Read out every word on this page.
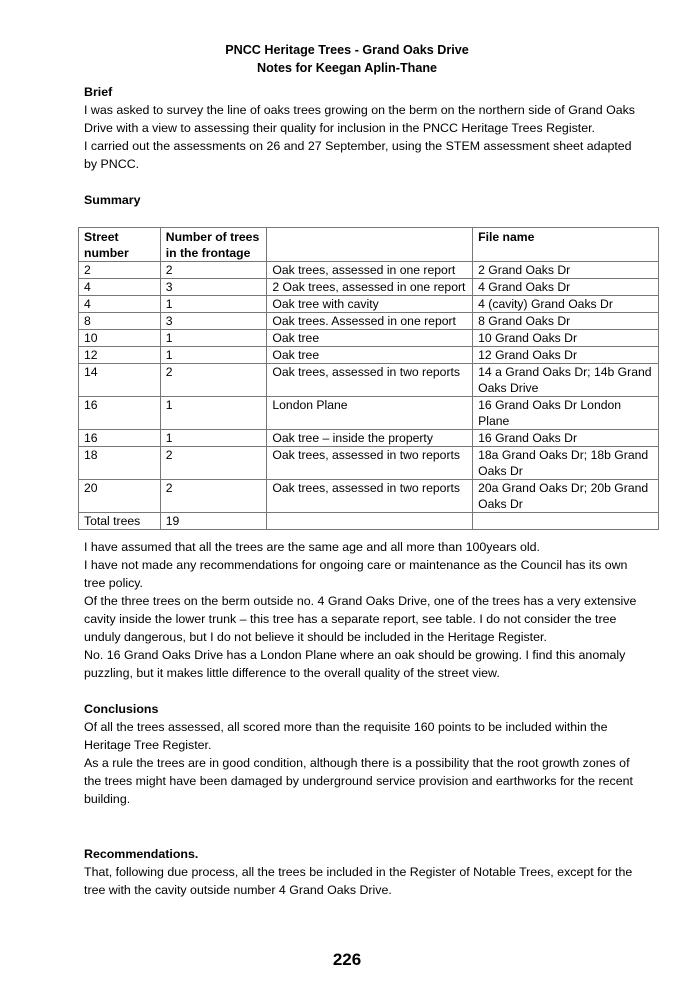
PNCC Heritage Trees - Grand Oaks Drive
Notes for Keegan Aplin-Thane
Brief
I was asked to survey the line of oaks trees growing on the berm on the northern side of Grand Oaks Drive with a view to assessing their quality for inclusion in the PNCC Heritage Trees Register.
I carried out the assessments on 26 and 27 September, using the STEM assessment sheet adapted by PNCC.
Summary
Street number	Number of trees in the frontage		File name
2	2	Oak trees, assessed in one report	2 Grand Oaks Dr
4	3	2 Oak trees, assessed in one report	4 Grand Oaks Dr
4	1	Oak tree with cavity	4 (cavity) Grand Oaks Dr
8	3	Oak trees. Assessed in one report	8 Grand Oaks Dr
10	1	Oak tree	10 Grand Oaks Dr
12	1	Oak tree	12 Grand Oaks Dr
14	2	Oak trees, assessed in two reports	14 a Grand Oaks Dr; 14b Grand Oaks Drive
16	1	London Plane	16 Grand Oaks Dr London Plane
16	1	Oak tree – inside the property	16 Grand Oaks Dr
18	2	Oak trees, assessed in two reports	18a Grand Oaks Dr; 18b Grand Oaks Dr
20	2	Oak trees, assessed in two reports	20a Grand Oaks Dr; 20b Grand Oaks Dr
Total trees	19		
I have assumed that all the trees are the same age and all more than 100years old.
I have not made any recommendations for ongoing care or maintenance as the Council has its own tree policy.
Of the three trees on the berm outside no. 4 Grand Oaks Drive, one of the trees has a very extensive cavity inside the lower trunk – this tree has a separate report, see table. I do not consider the tree unduly dangerous, but I do not believe it should be included in the Heritage Register.
No. 16 Grand Oaks Drive has a London Plane where an oak should be growing. I find this anomaly puzzling, but it makes little difference to the overall quality of the street view.
Conclusions
Of all the trees assessed, all scored more than the requisite 160 points to be included within the Heritage Tree Register.
As a rule the trees are in good condition, although there is a possibility that the root growth zones of the trees might have been damaged by underground service provision and earthworks for the recent building.
Recommendations.
That, following due process, all the trees be included in the Register of Notable Trees, except for the tree with the cavity outside number 4 Grand Oaks Drive.
226
